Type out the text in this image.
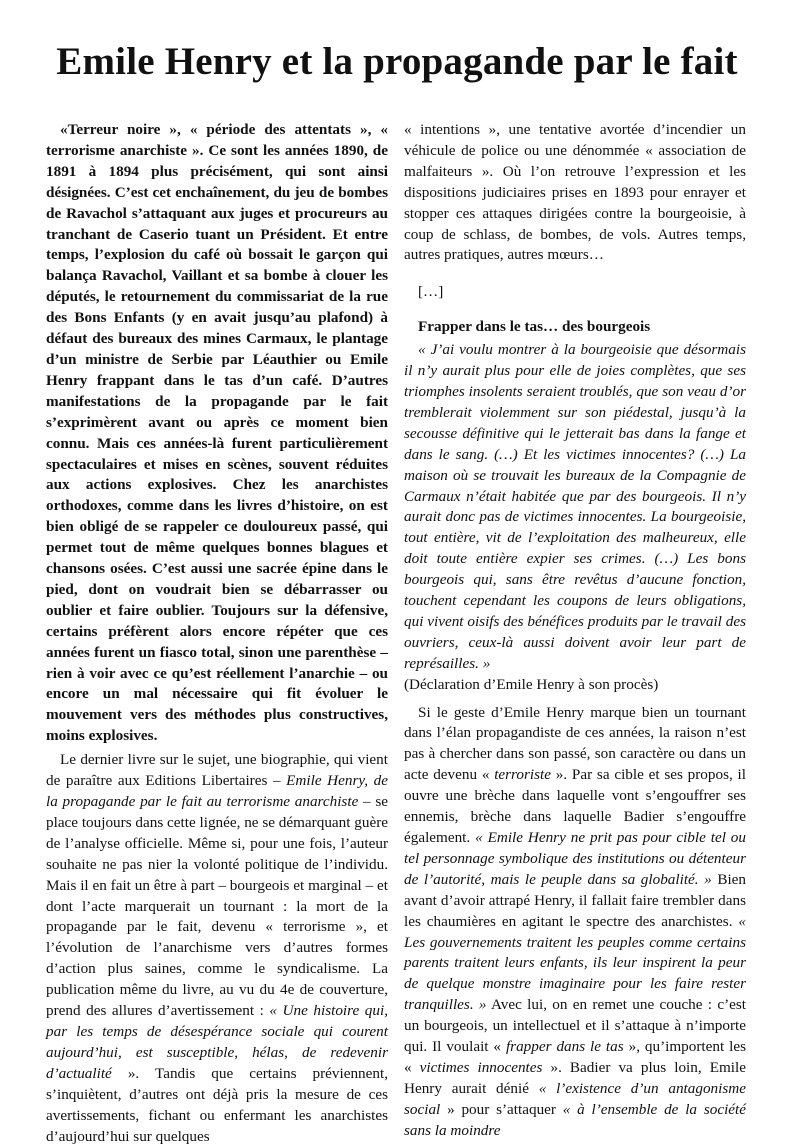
Emile Henry et la propagande par le fait

«Terreur noire », « période des attentats », « terrorisme anarchiste ». Ce sont les années 1890, de 1891 à 1894 plus précisément, qui sont ainsi désignées. C’est cet enchaînement, du jeu de bombes de Ravachol s’attaquant aux juges et procureurs au tranchant de Caserio tuant un Président. Et entre temps, l’explosion du café où bossait le garçon qui balança Ravachol, Vaillant et sa bombe à clouer les députés, le retournement du commissariat de la rue des Bons Enfants (y en avait jusqu’au plafond) à défaut des bureaux des mines Carmaux, le plantage d’un ministre de Serbie par Léauthier ou Emile Henry frappant dans le tas d’un café. D’autres manifestations de la propagande par le fait s’exprimèrent avant ou après ce moment bien connu. Mais ces années-là furent particulièrement spectaculaires et mises en scènes, souvent réduites aux actions explosives. Chez les anarchistes orthodoxes, comme dans les livres d’histoire, on est bien obligé de se rappeler ce douloureux passé, qui permet tout de même quelques bonnes blagues et chansons osées. C’est aussi une sacrée épine dans le pied, dont on voudrait bien se débarrasser ou oublier et faire oublier. Toujours sur la défensive, certains préfèrent alors encore répéter que ces années furent un fiasco total, sinon une parenthèse – rien à voir avec ce qu’est réellement l’anarchie – ou encore un mal nécessaire qui fit évoluer le mouvement vers des méthodes plus constructives, moins explosives.

Le dernier livre sur le sujet, une biographie, qui vient de paraître aux Editions Libertaires – Emile Henry, de la propagande par le fait au terrorisme anarchiste – se place toujours dans cette lignée, ne se démarquant guère de l’analyse officielle. Même si, pour une fois, l’auteur souhaite ne pas nier la volonté politique de l’individu. Mais il en fait un être à part – bourgeois et marginal – et dont l’acte marquerait un tournant : la mort de la propagande par le fait, devenu « terrorisme », et l’évolution de l’anarchisme vers d’autres formes d’action plus saines, comme le syndicalisme. La publication même du livre, au vu du 4e de couverture, prend des allures d’avertissement : « Une histoire qui, par les temps de désespérance sociale qui courent aujourd’hui, est susceptible, hélas, de redevenir d’actualité ». Tandis que certains préviennent, s’inquiètent, d’autres ont déjà pris la mesure de ces avertissements, fichant ou enfermant les anarchistes d’aujourd’hui sur quelques

« intentions », une tentative avortée d’incendier un véhicule de police ou une dénommée « association de malfaiteurs ». Où l’on retrouve l’expression et les dispositions judiciaires prises en 1893 pour enrayer et stopper ces attaques dirigées contre la bourgeoisie, à coup de schlass, de bombes, de vols. Autres temps, autres pratiques, autres mœurs…

[…]

Frapper dans le tas… des bourgeois

« J’ai voulu montrer à la bourgeoisie que désormais il n’y aurait plus pour elle de joies complètes, que ses triomphes insolents seraient troublés, que son veau d’or tremblerait violemment sur son piédestal, jusqu’à la secousse définitive qui le jetterait bas dans la fange et dans le sang. (…) Et les victimes innocentes? (…) La maison où se trouvait les bureaux de la Compagnie de Carmaux n’était habitée que par des bourgeois. Il n’y aurait donc pas de victimes innocentes. La bourgeoisie, tout entière, vit de l’exploitation des malheureux, elle doit toute entière expier ses crimes. (…) Les bons bourgeois qui, sans être revêtus d’aucune fonction, touchent cependant les coupons de leurs obligations, qui vivent oisifs des bénéfices produits par le travail des ouvriers, ceux-là aussi doivent avoir leur part de représailles. »

(Déclaration d’Emile Henry à son procès)

Si le geste d’Emile Henry marque bien un tournant dans l’élan propagandiste de ces années, la raison n’est pas à chercher dans son passé, son caractère ou dans un acte devenu « terroriste ». Par sa cible et ses propos, il ouvre une brèche dans laquelle vont s’engouffrer ses ennemis, brèche dans laquelle Badier s’engouffre également. « Emile Henry ne prit pas pour cible tel ou tel personnage symbolique des institutions ou détenteur de l’autorité, mais le peuple dans sa globalité. » Bien avant d’avoir attrapé Henry, il fallait faire trembler dans les chaumières en agitant le spectre des anarchistes. « Les gouvernements traitent les peuples comme certains parents traitent leurs enfants, ils leur inspirent la peur de quelque monstre imaginaire pour les faire rester tranquilles. » Avec lui, on en remet une couche : c’est un bourgeois, un intellectuel et il s’attaque à n’importe qui. Il voulait « frapper dans le tas », qu’importent les « victimes innocentes ». Badier va plus loin, Emile Henry aurait dénié « l’existence d’un antagonisme social » pour s’attaquer « à l’ensemble de la société sans la moindre
